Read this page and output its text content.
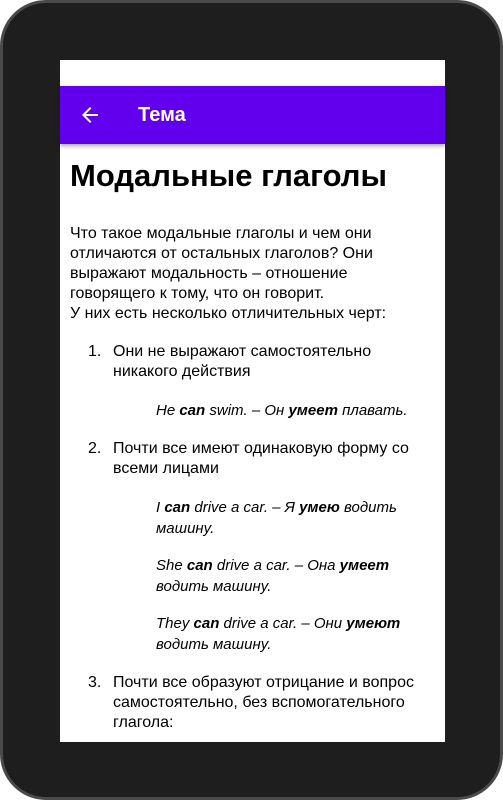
Тема
Модальные глаголы

Что такое модальные глаголы и чем они отличаются от остальных глаголов? Они выражают модальность – отношение говорящего к тому, что он говорит.

У них есть несколько отличительных черт:

1. Они не выражают самостоятельно никакого действия
He can swim. – Он умеет плавать.
2. Почти все имеют одинаковую форму со всеми лицами
I can drive a car. – Я умею водить машину.
She can drive a car. – Она умеет водить машину.
They can drive a car. – Они умеют водить машину.
3. Почти все образуют отрицание и вопрос самостоятельно, без вспомогательного глагола:
